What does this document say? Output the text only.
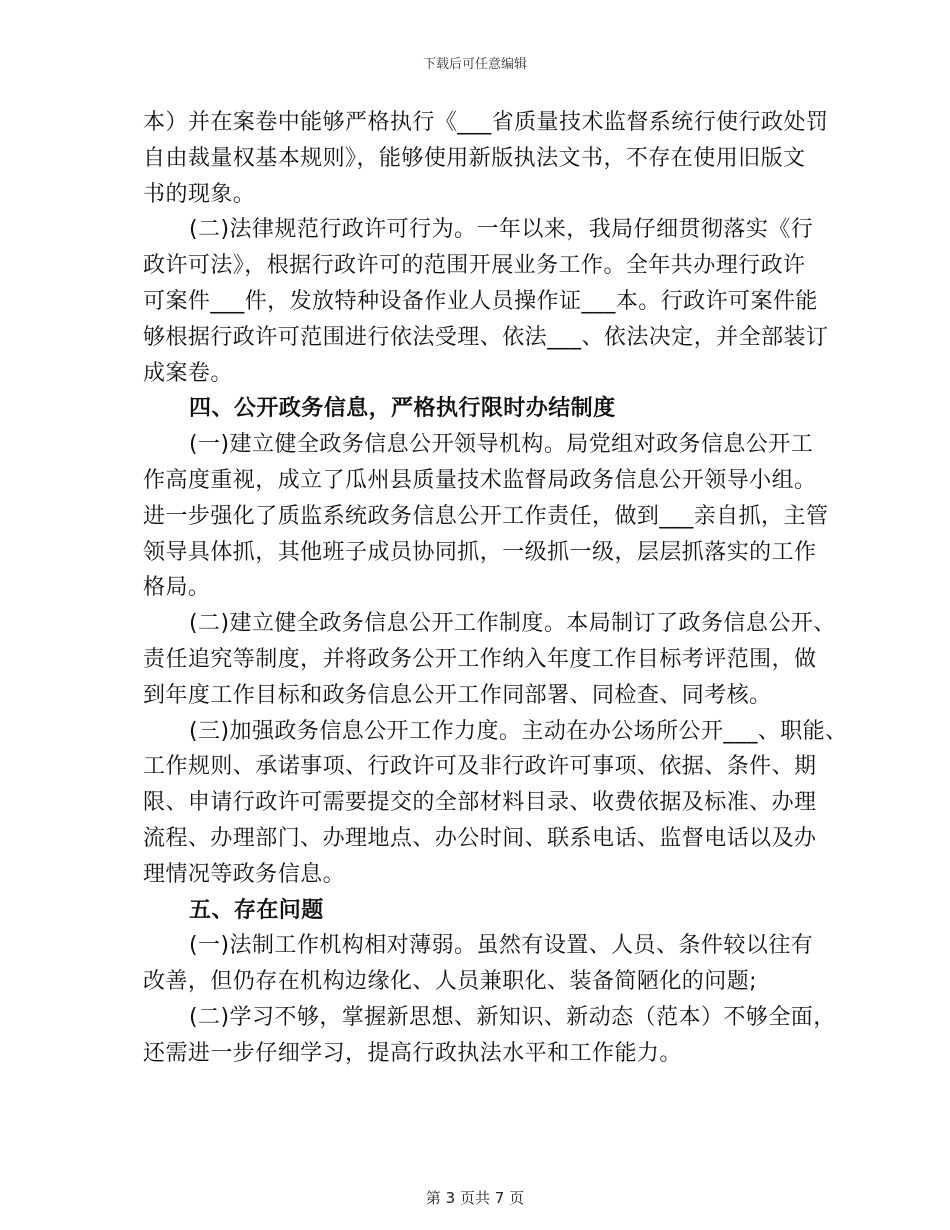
下载后可任意编辑
本）并在案卷中能够严格执行《___省质量技术监督系统行使行政处罚
自由裁量权基本规则》，能够使用新版执法文书，不存在使用旧版文
书的现象。
(二)法律规范行政许可行为。一年以来，我局仔细贯彻落实《行
政许可法》，根据行政许可的范围开展业务工作。全年共办理行政许
可案件___件，发放特种设备作业人员操作证___本。行政许可案件能
够根据行政许可范围进行依法受理、依法___、依法决定，并全部装订
成案卷。
四、公开政务信息，严格执行限时办结制度
(一)建立健全政务信息公开领导机构。局党组对政务信息公开工
作高度重视，成立了瓜州县质量技术监督局政务信息公开领导小组。
进一步强化了质监系统政务信息公开工作责任，做到___亲自抓，主管
领导具体抓，其他班子成员协同抓，一级抓一级，层层抓落实的工作
格局。
(二)建立健全政务信息公开工作制度。本局制订了政务信息公开、
责任追究等制度，并将政务公开工作纳入年度工作目标考评范围，做
到年度工作目标和政务信息公开工作同部署、同检查、同考核。
(三)加强政务信息公开工作力度。主动在办公场所公开___、职能、
工作规则、承诺事项、行政许可及非行政许可事项、依据、条件、期
限、申请行政许可需要提交的全部材料目录、收费依据及标准、办理
流程、办理部门、办理地点、办公时间、联系电话、监督电话以及办
理情况等政务信息。
五、存在问题
(一)法制工作机构相对薄弱。虽然有设置、人员、条件较以往有
改善，但仍存在机构边缘化、人员兼职化、装备简陋化的问题;
(二)学习不够，掌握新思想、新知识、新动态（范本）不够全面，
还需进一步仔细学习，提高行政执法水平和工作能力。
第 3 页共 7 页
